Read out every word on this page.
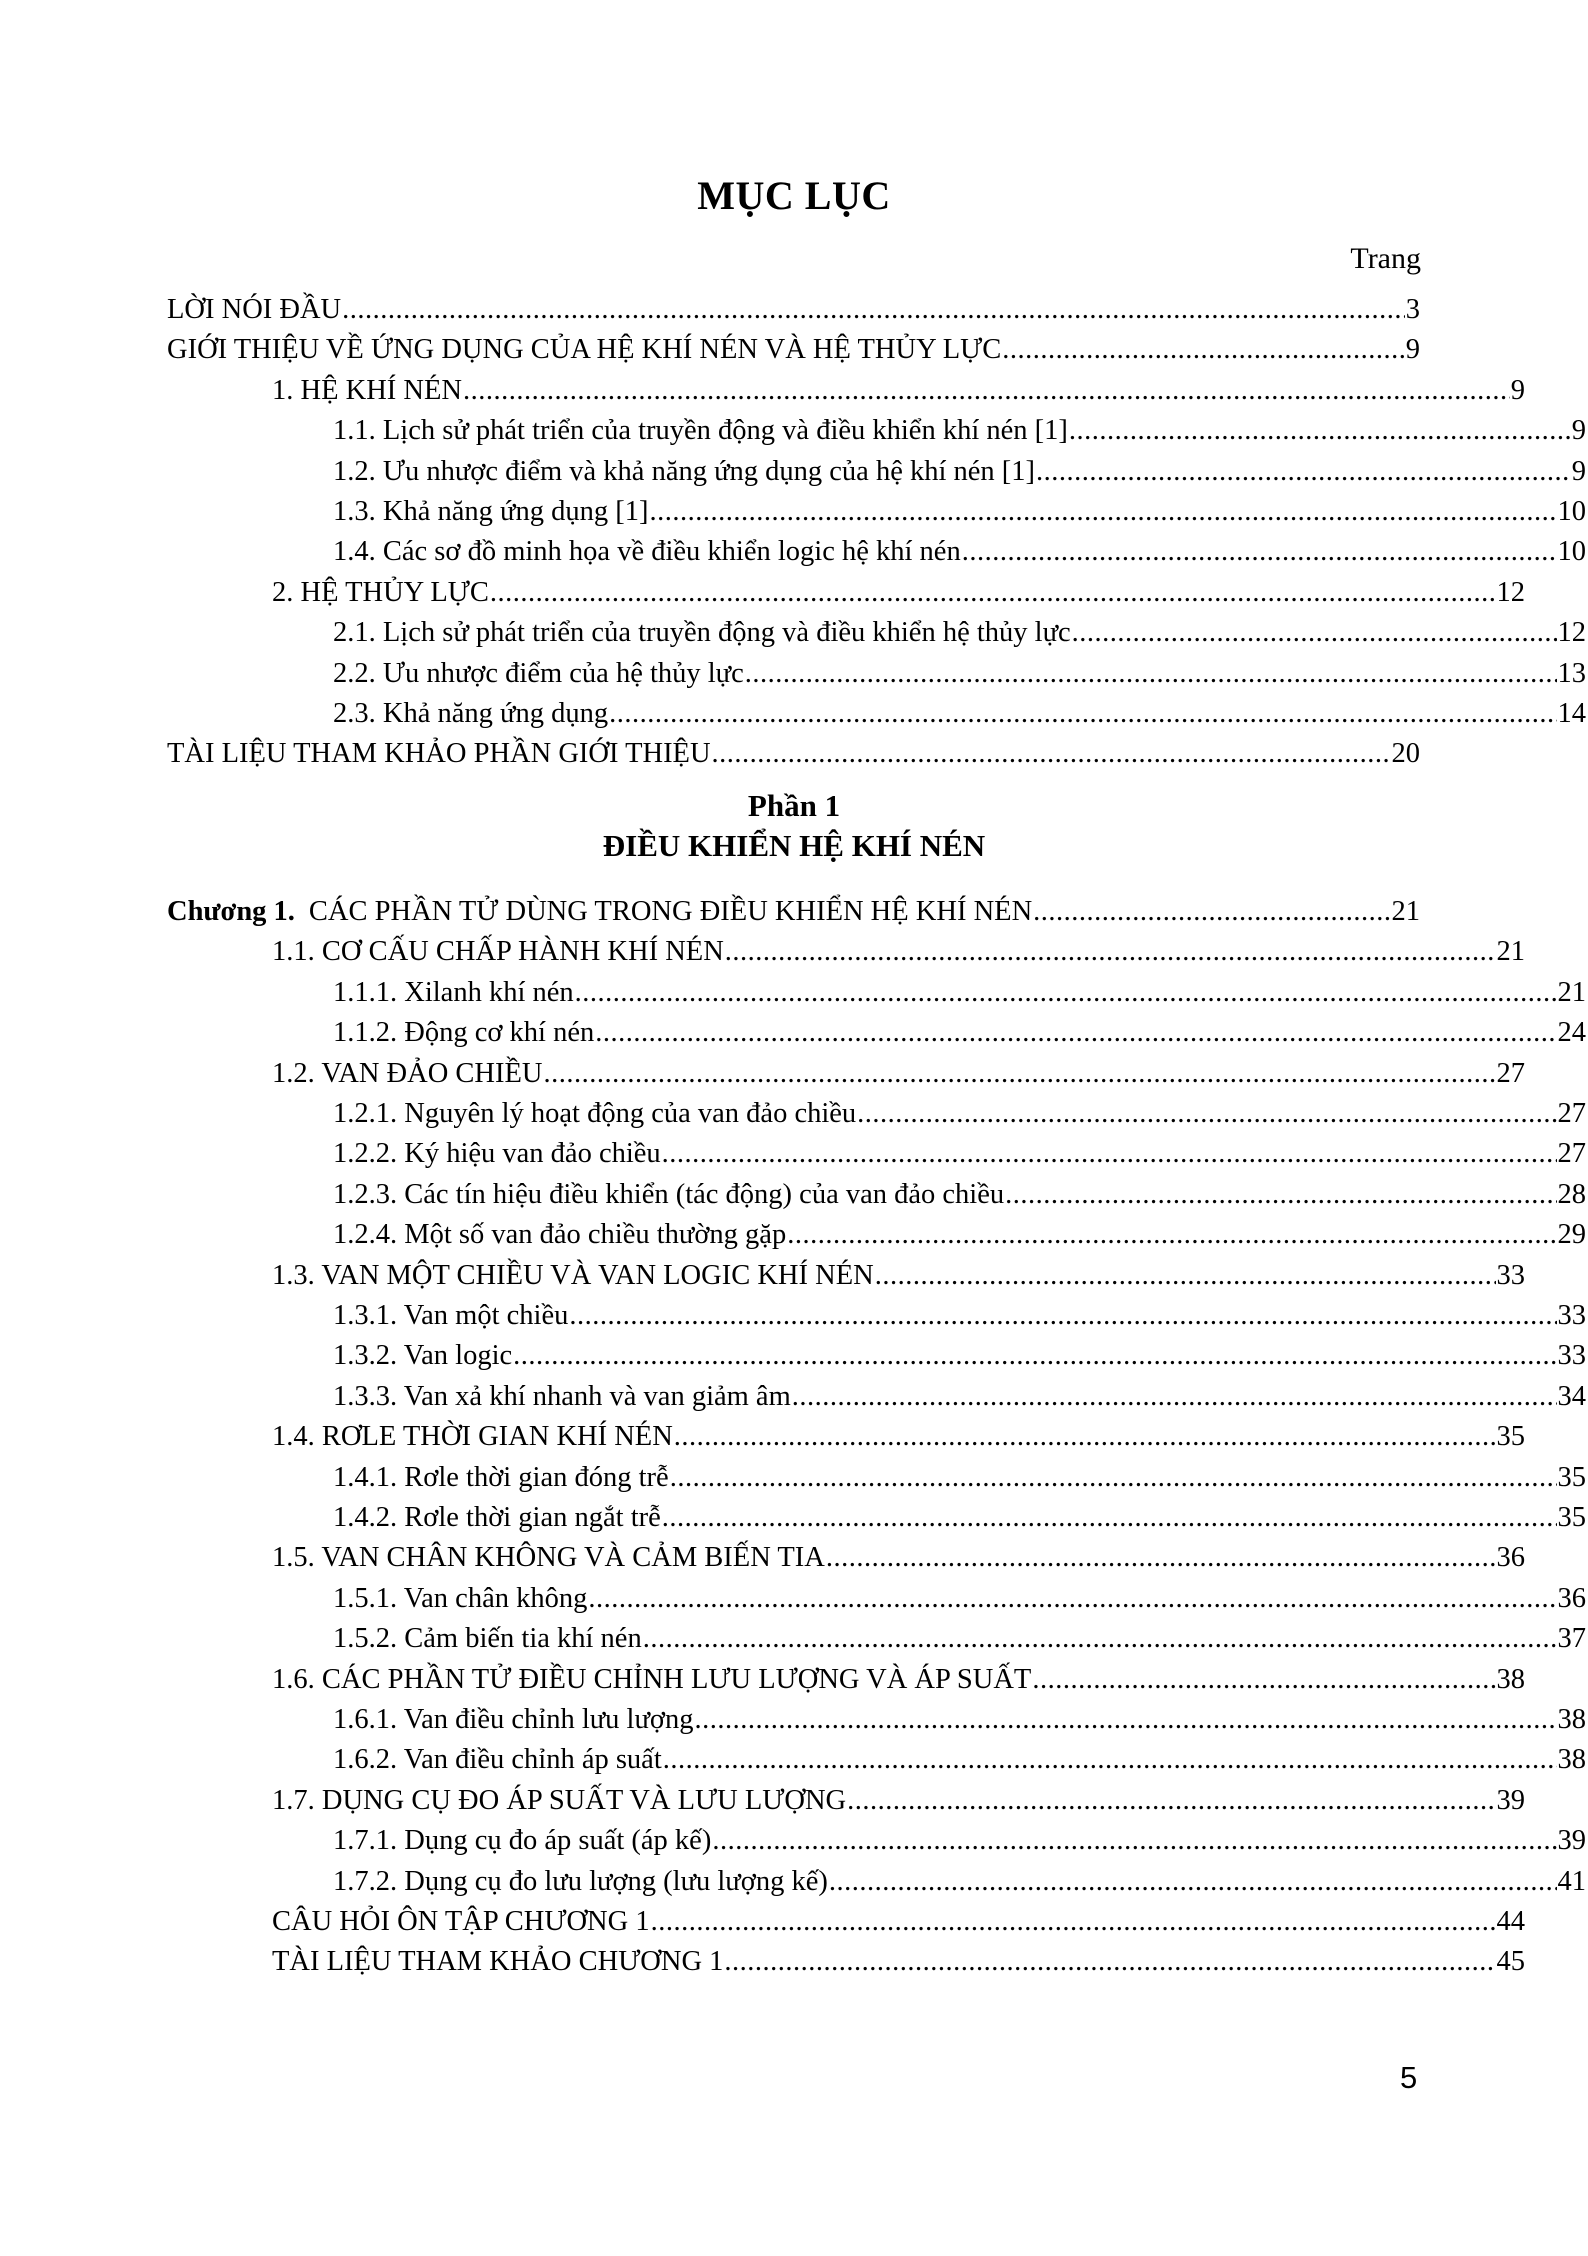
MỤC LỤC
Trang
LỜI NÓI ĐẦU .....	3
GIỚI THIỆU VỀ ỨNG DỤNG CỦA HỆ KHÍ NÉN VÀ HỆ THỦY LỰC .....	9
1. HỆ KHÍ NÉN .....	9
1.1. Lịch sử phát triển của truyền động và điều khiển khí nén [1] .....	9
1.2. Ưu nhược điểm và khả năng ứng dụng của hệ khí nén [1] .....	9
1.3. Khả năng ứng dụng [1] .....	10
1.4. Các sơ đồ minh họa về điều khiển logic hệ khí nén .....	10
2. HỆ THỦY LỰC .....	12
2.1. Lịch sử phát triển của truyền động và điều khiển hệ thủy lực .....	12
2.2. Ưu nhược điểm của hệ thủy lực .....	13
2.3. Khả năng ứng dụng .....	14
TÀI LIỆU THAM KHẢO PHẦN GIỚI THIỆU .....	20
Phần 1
ĐIỀU KHIỂN HỆ KHÍ NÉN
Chương 1. CÁC PHẦN TỬ DÙNG TRONG ĐIỀU KHIỂN HỆ KHÍ NÉN .....	21
1.1. CƠ CẤU CHẤP HÀNH KHÍ NÉN .....	21
1.1.1. Xilanh khí nén .....	21
1.1.2. Động cơ khí nén .....	24
1.2. VAN ĐẢO CHIỀU .....	27
1.2.1. Nguyên lý hoạt động của van đảo chiều .....	27
1.2.2. Ký hiệu van đảo chiều .....	27
1.2.3. Các tín hiệu điều khiển (tác động) của van đảo chiều .....	28
1.2.4. Một số van đảo chiều thường gặp .....	29
1.3. VAN MỘT CHIỀU VÀ VAN LOGIC KHÍ NÉN .....	33
1.3.1. Van một chiều .....	33
1.3.2. Van logic .....	33
1.3.3. Van xả khí nhanh và van giảm âm .....	34
1.4. RƠLE THỜI GIAN KHÍ NÉN .....	35
1.4.1. Rơle thời gian đóng trễ .....	35
1.4.2. Rơle thời gian ngắt trễ .....	35
1.5. VAN CHÂN KHÔNG VÀ CẢM BIẾN TIA .....	36
1.5.1. Van chân không .....	36
1.5.2. Cảm biến tia khí nén .....	37
1.6. CÁC PHẦN TỬ ĐIỀU CHỈNH LƯU LƯỢNG VÀ ÁP SUẤT .....	38
1.6.1. Van điều chỉnh lưu lượng .....	38
1.6.2. Van điều chỉnh áp suất .....	38
1.7. DỤNG CỤ ĐO ÁP SUẤT VÀ LƯU LƯỢNG .....	39
1.7.1. Dụng cụ đo áp suất (áp kế) .....	39
1.7.2. Dụng cụ đo lưu lượng (lưu lượng kế) .....	41
CÂU HỎI ÔN TẬP CHƯƠNG 1 .....	44
TÀI LIỆU THAM KHẢO CHƯƠNG 1 .....	45
5
